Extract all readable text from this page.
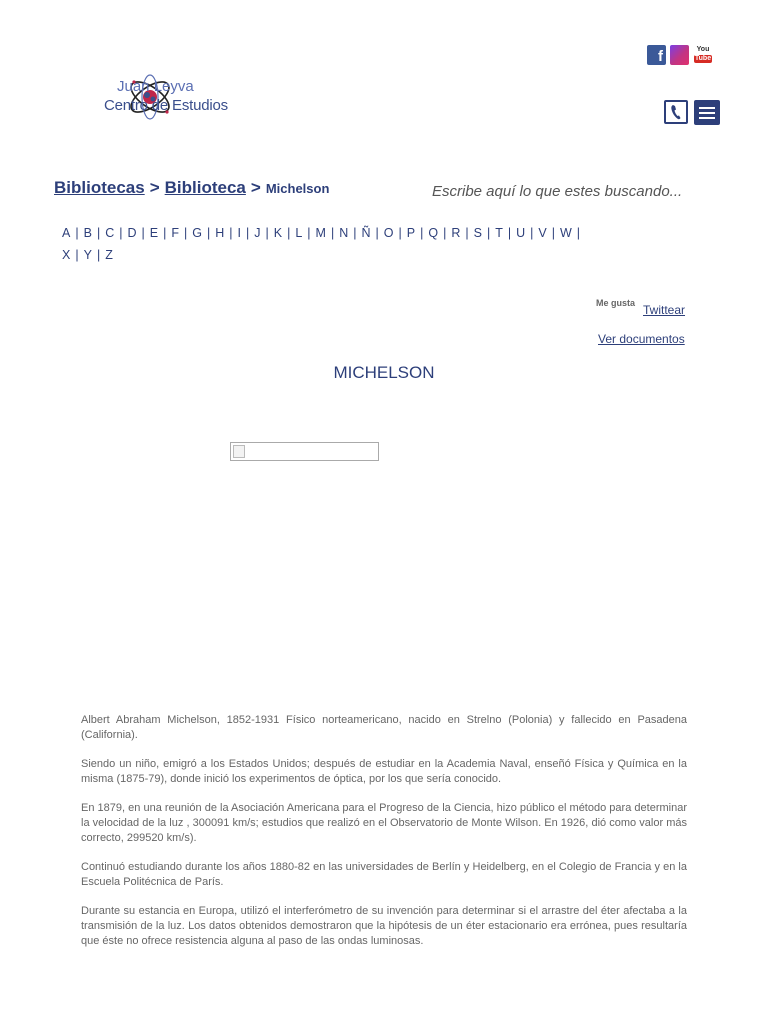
f	You
Tube
Juan Leyva
Centro de Estudios
Bibliotecas > Biblioteca > Michelson	Escribe aquí lo que estes buscando...
A | B | C | D | E | F | G | H | I | J | K | L | M | N | Ñ | O | P | Q | R | S | T | U | V | W |
X | Y | Z
Me gusta Twittear
Ver documentos
MICHELSON

Albert Abraham Michelson, 1852-1931 Físico norteamericano, nacido en Strelno (Polonia) y fallecido en Pasadena (California).

Siendo un niño, emigró a los Estados Unidos; después de estudiar en la Academia Naval, enseñó Física y Química en la misma (1875-79), donde inició los experimentos de óptica, por los que sería conocido.

En 1879, en una reunión de la Asociación Americana para el Progreso de la Ciencia, hizo público el método para determinar la velocidad de la luz , 300091 km/s; estudios que realizó en el Observatorio de Monte Wilson. En 1926, dió como valor más correcto, 299520 km/s).

Continuó estudiando durante los años 1880-82 en las universidades de Berlín y Heidelberg, en el Colegio de Francia y en la Escuela Politécnica de París.

Durante su estancia en Europa, utilizó el interferómetro de su invención para determinar si el arrastre del éter afectaba a la transmisión de la luz. Los datos obtenidos demostraron que la hipótesis de un éter estacionario era errónea, pues resultaría que éste no ofrece resistencia alguna al paso de las ondas luminosas.
